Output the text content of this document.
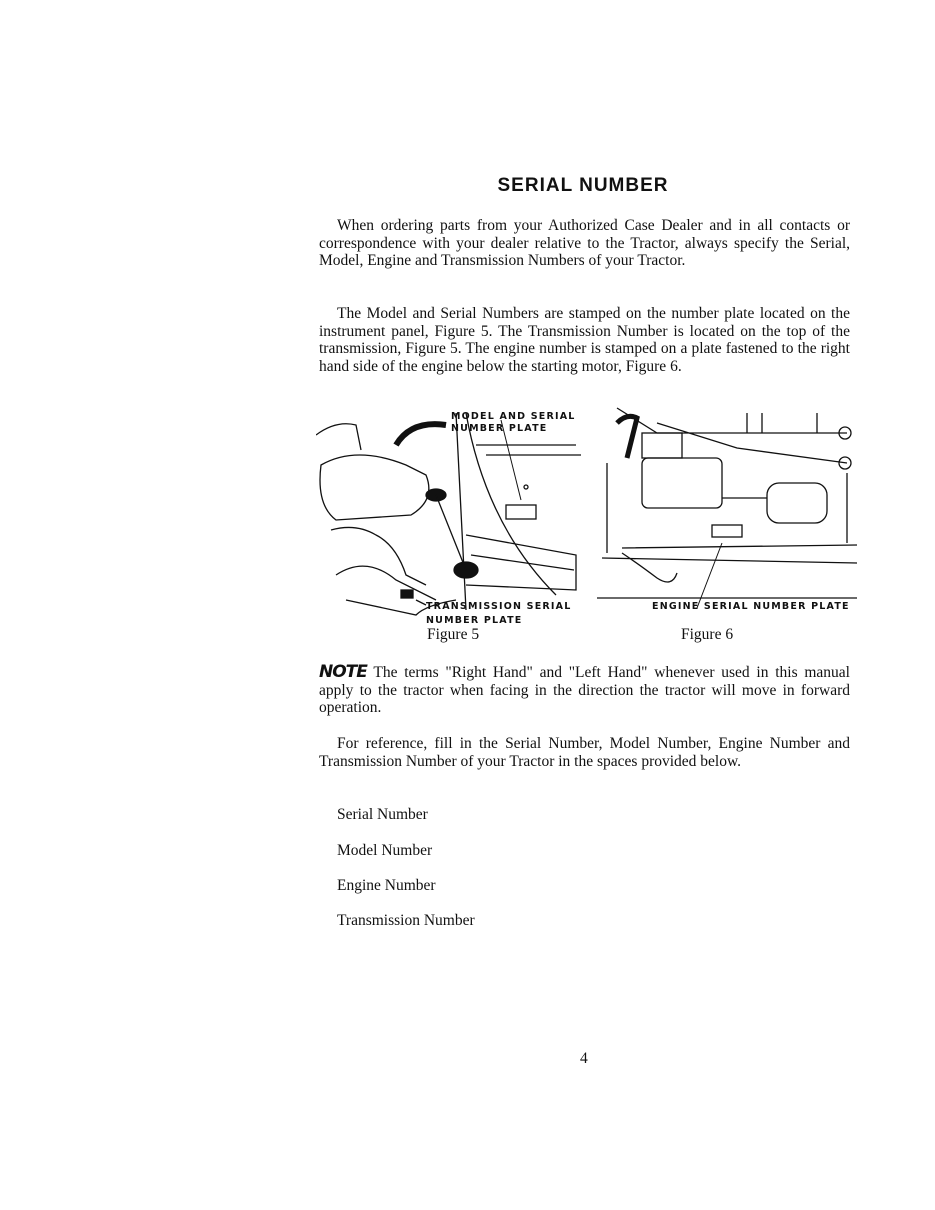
SERIAL NUMBER
When ordering parts from your Authorized Case Dealer and in all contacts or correspondence with your dealer relative to the Tractor, always specify the Serial, Model, Engine and Transmission Numbers of your Tractor.
The Model and Serial Numbers are stamped on the number plate located on the instrument panel, Figure 5. The Transmission Number is located on the top of the transmission, Figure 5. The engine number is stamped on a plate fastened to the right hand side of the engine below the starting motor, Figure 6.
MODEL AND SERIAL
NUMBER PLATE
TRANSMISSION SERIAL
NUMBER PLATE
Figure 5
ENGINE SERIAL NUMBER PLATE
Figure 6
NOTE The terms "Right Hand" and "Left Hand" whenever used in this manual apply to the tractor when facing in the direction the tractor will move in forward operation.
For reference, fill in the Serial Number, Model Number, Engine Number and Transmission Number of your Tractor in the spaces provided below.
Serial Number
Model Number
Engine Number
Transmission Number
4
